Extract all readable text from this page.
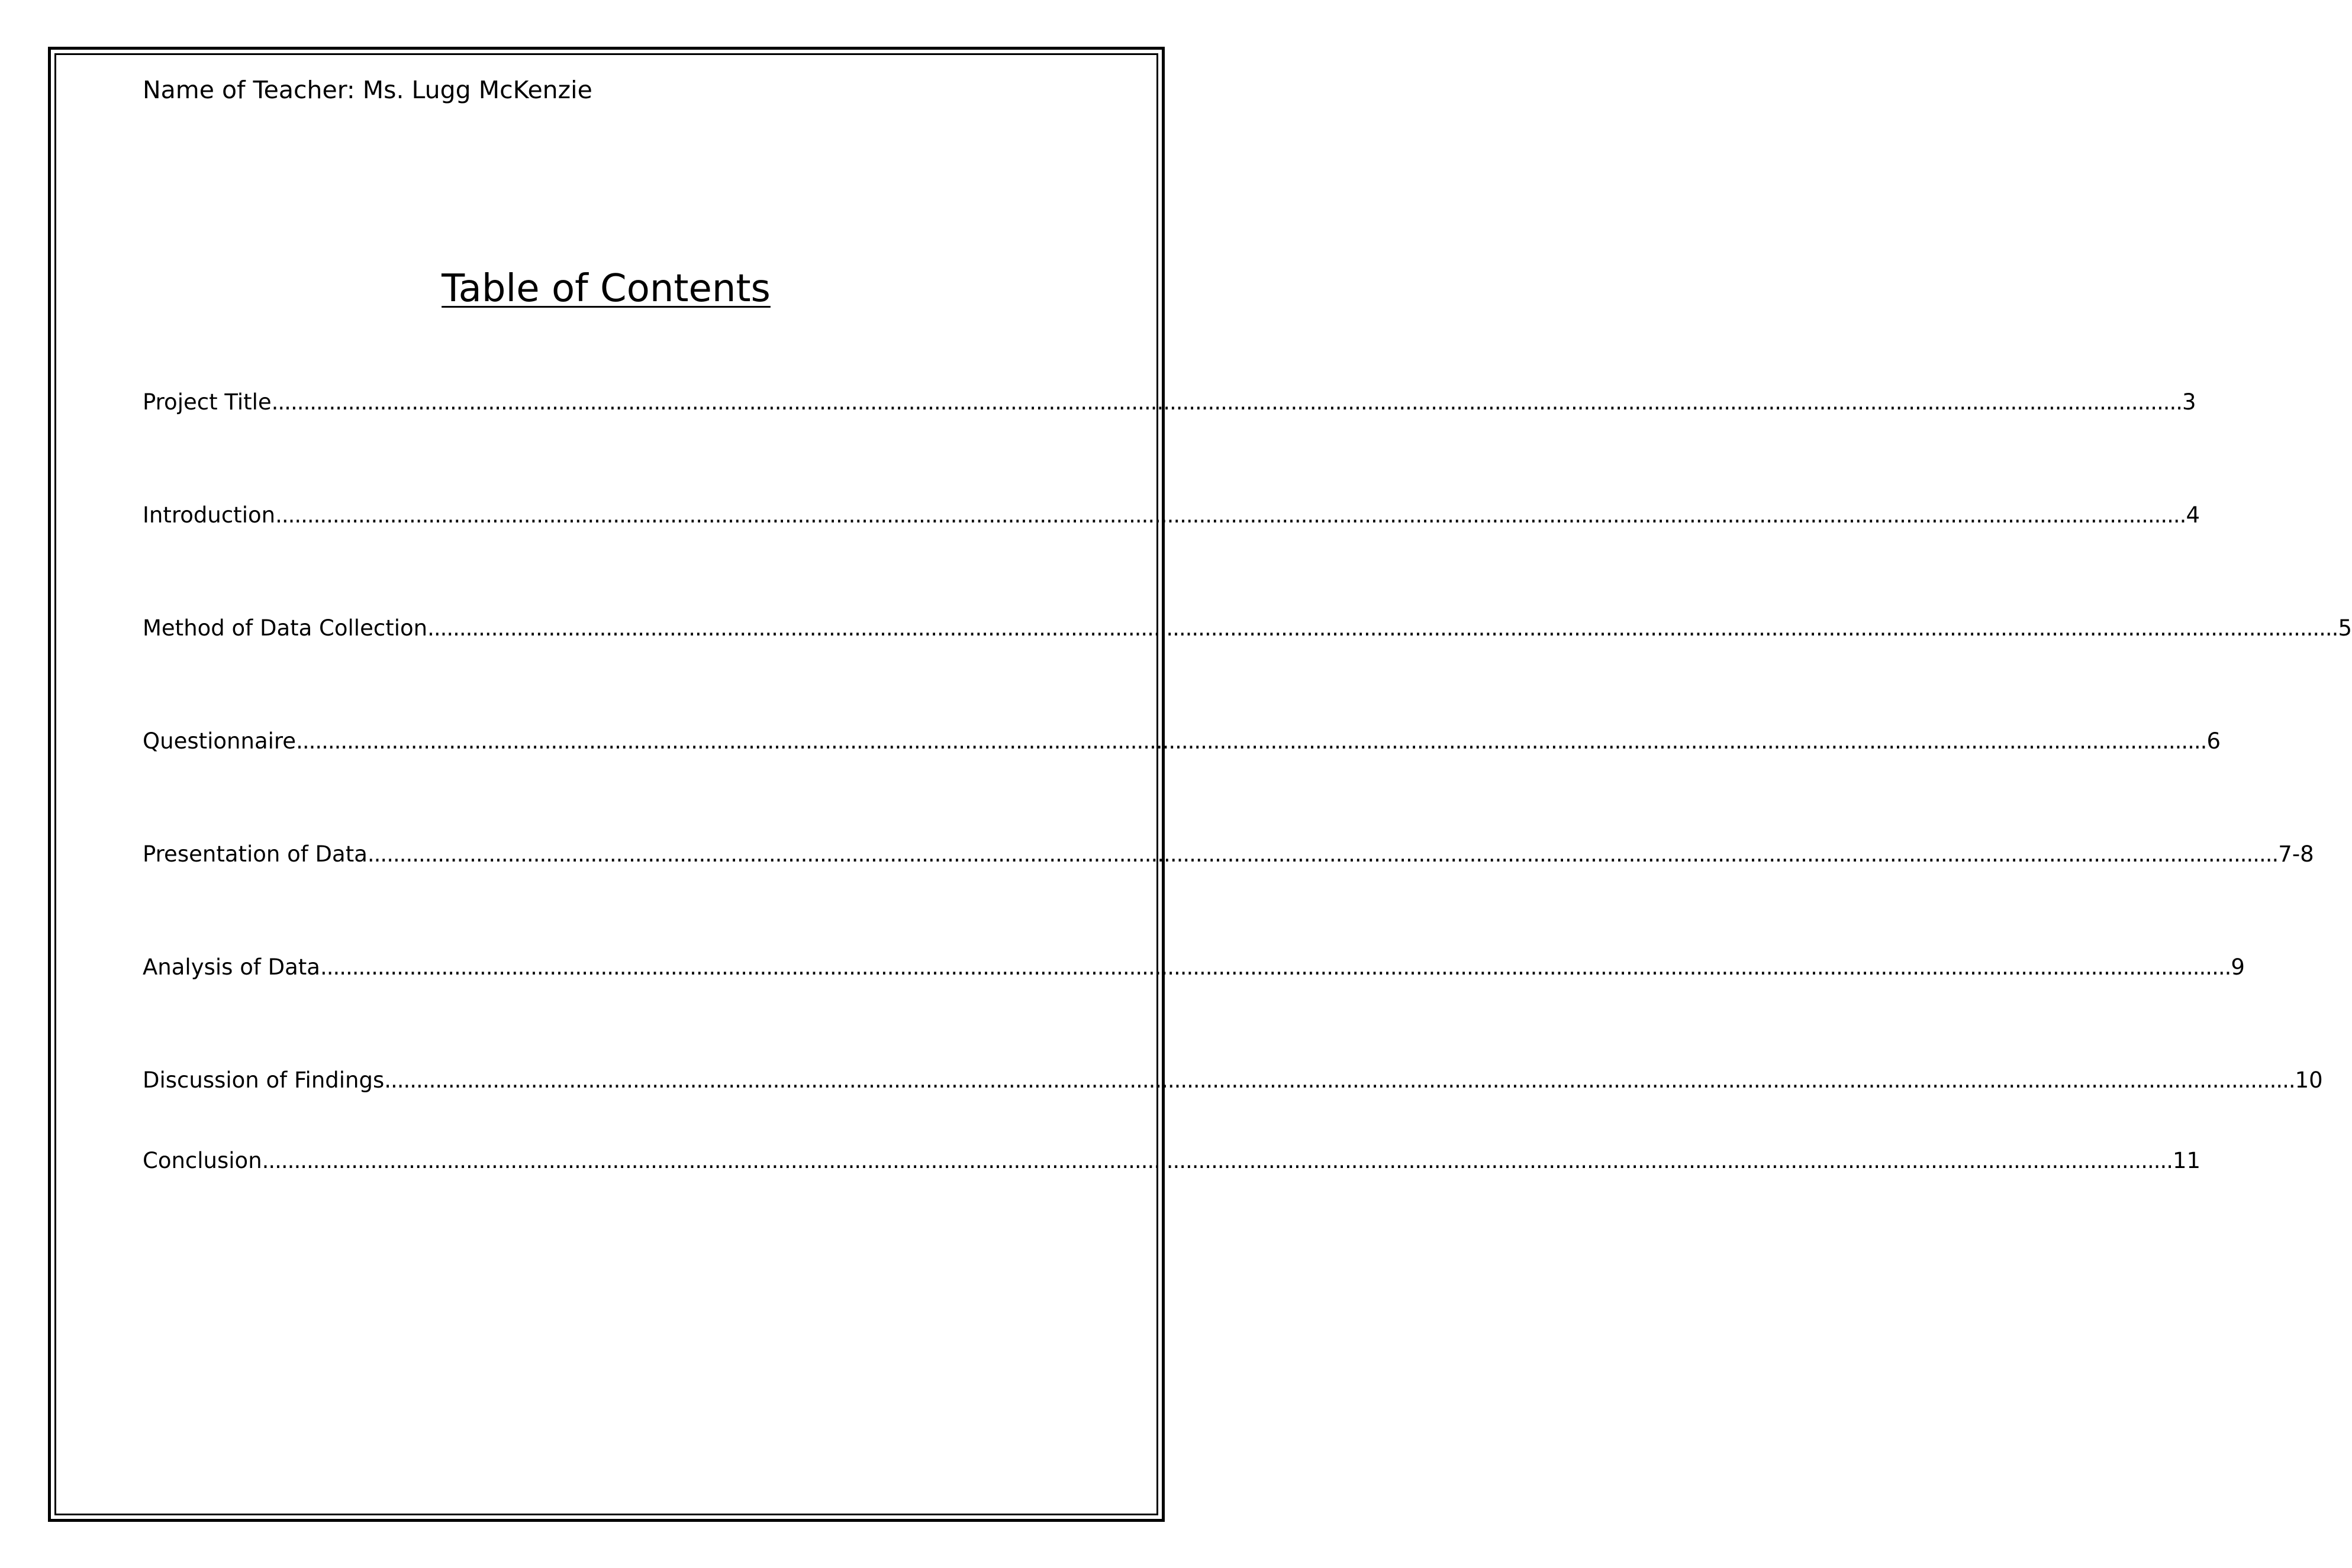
Name of Teacher: Ms. Lugg McKenzie
Table of Contents
Project Title ............................................................................................................................................................................................................................................................................................................ 3
Introduction ............................................................................................................................................................................................................................................................................................................ 4
Method of Data Collection ............................................................................................................................................................................................................................................................................................................ 5
Questionnaire ............................................................................................................................................................................................................................................................................................................ 6
Presentation of Data ............................................................................................................................................................................................................................................................................................................ 7-8
Analysis of Data ............................................................................................................................................................................................................................................................................................................ 9
Discussion of Findings ............................................................................................................................................................................................................................................................................................................ 10
Conclusion ............................................................................................................................................................................................................................................................................................................ 11
